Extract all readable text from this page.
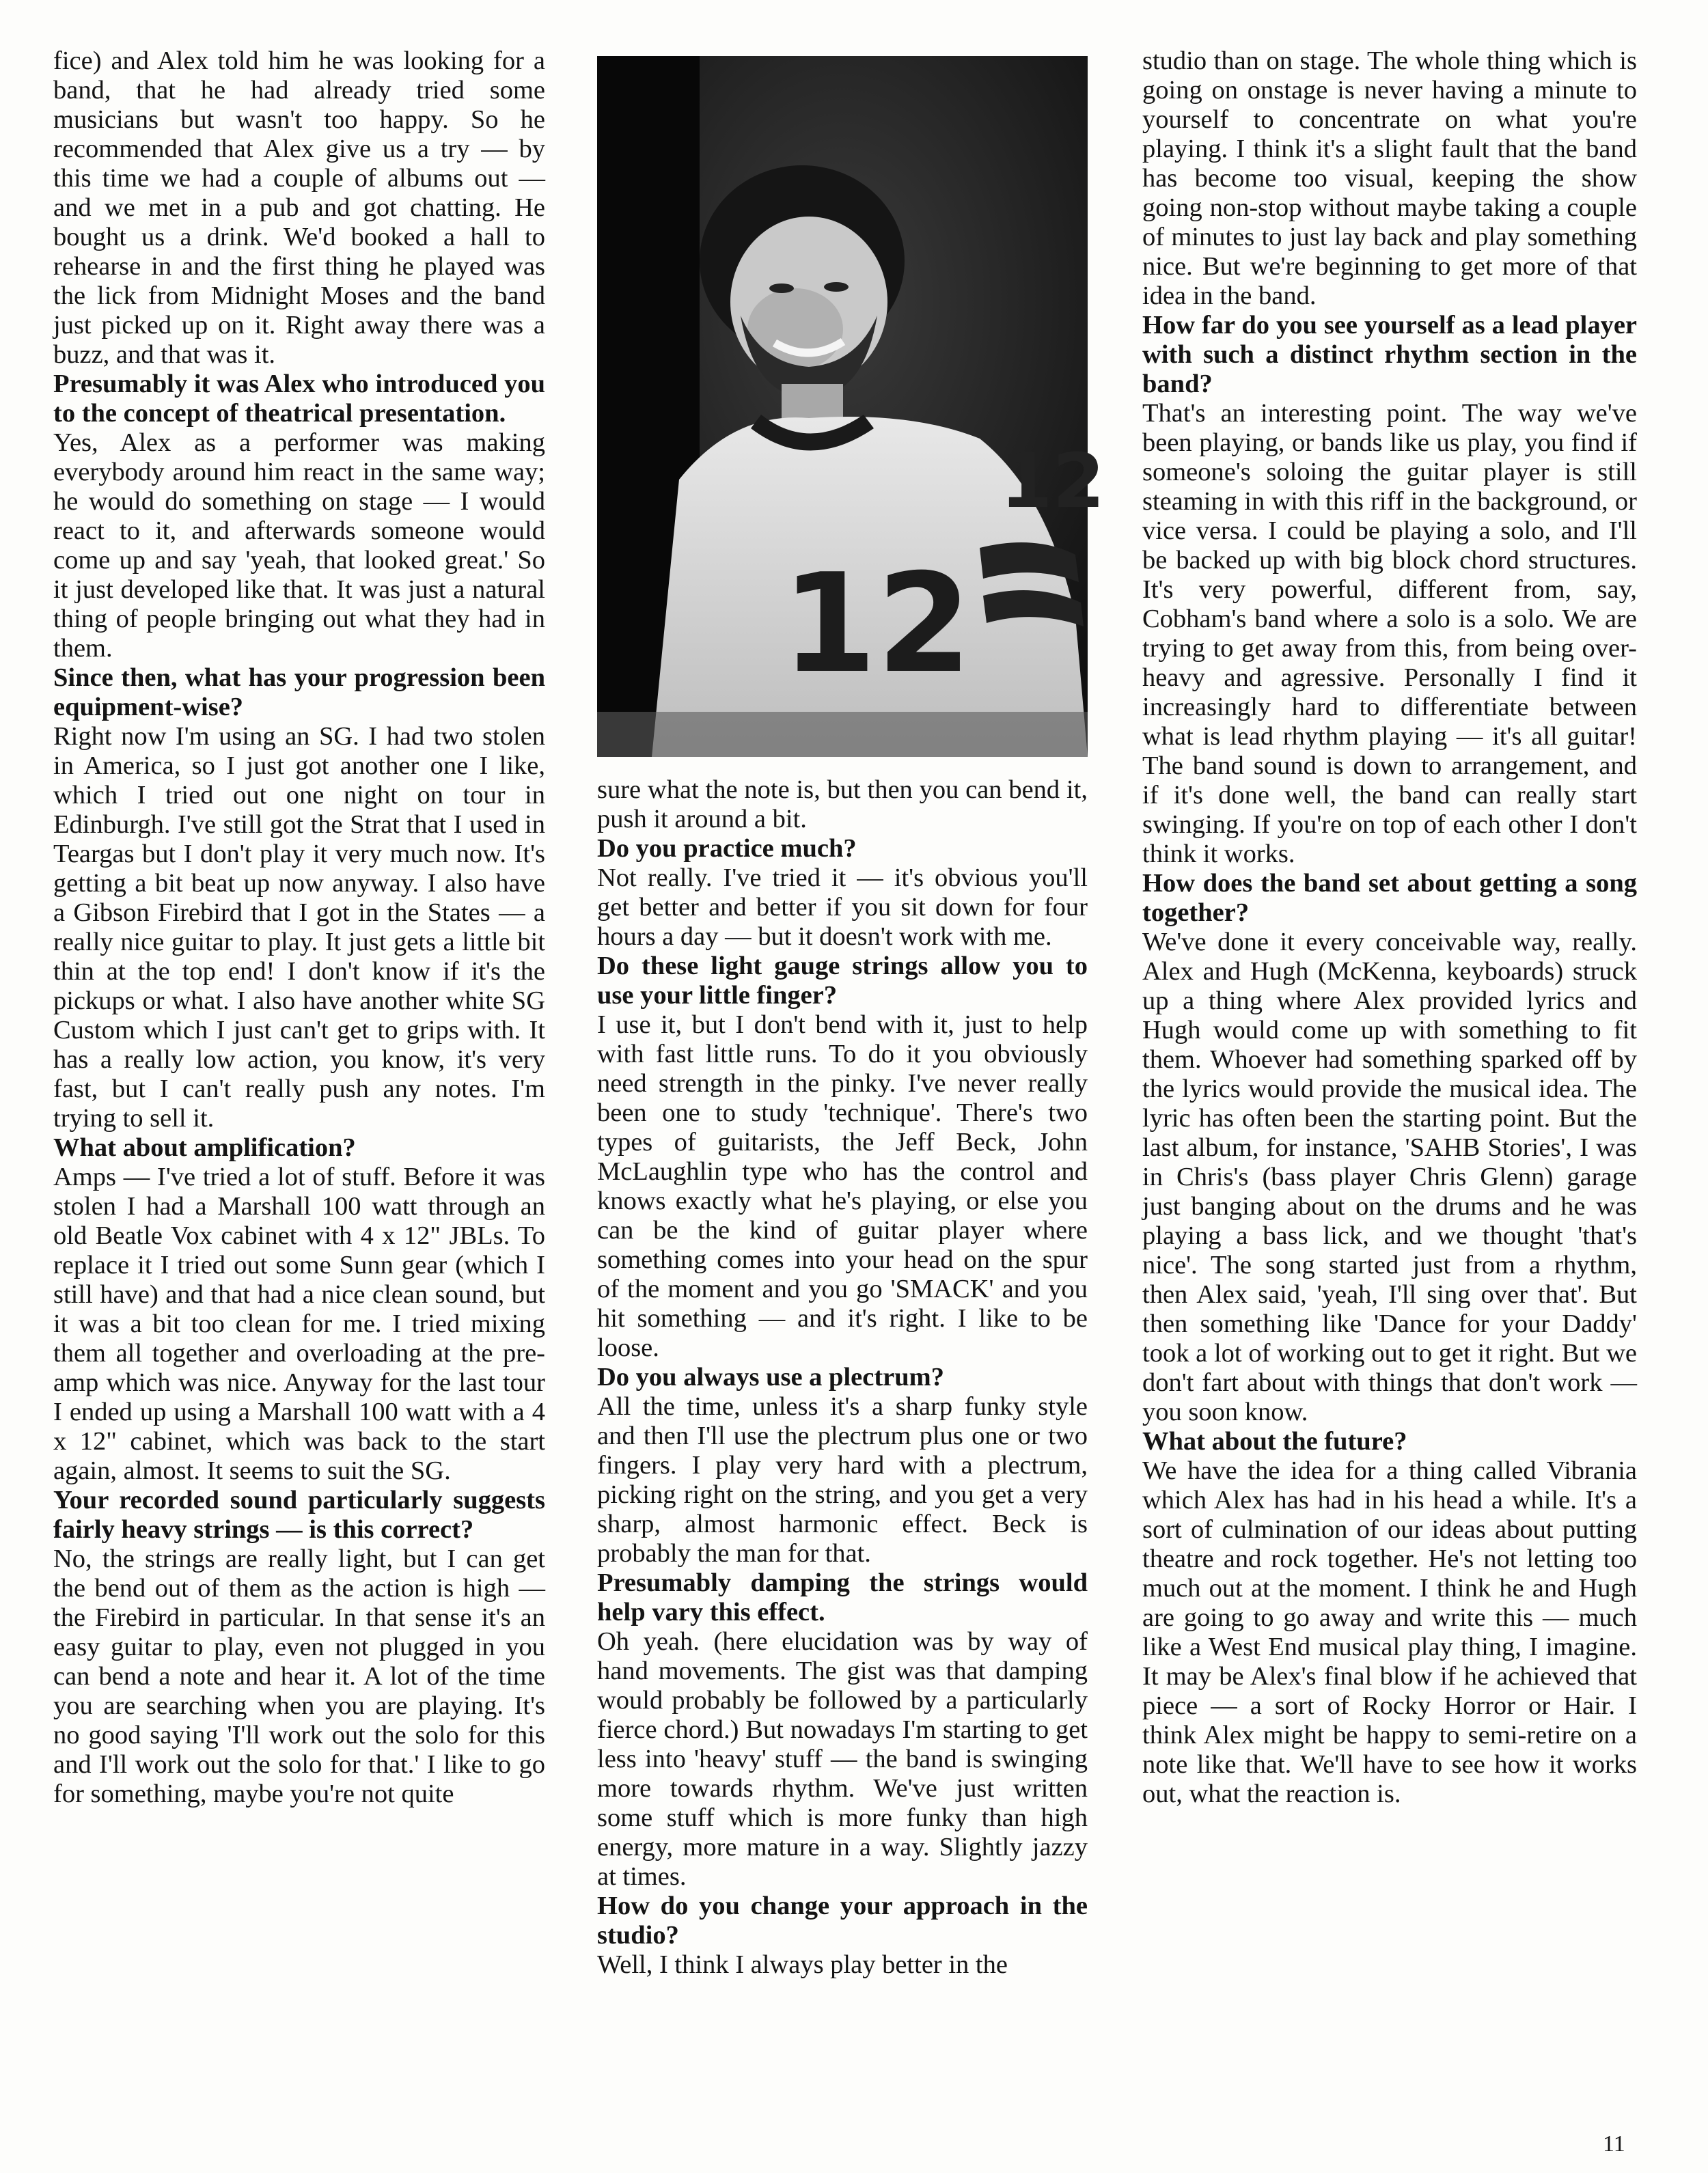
fice) and Alex told him he was looking for a band, that he had already tried some musicians but wasn't too happy. So he recommended that Alex give us a try — by this time we had a couple of albums out — and we met in a pub and got chatting. He bought us a drink. We'd booked a hall to rehearse in and the first thing he played was the lick from Midnight Moses and the band just picked up on it. Right away there was a buzz, and that was it.

Presumably it was Alex who introduced you to the concept of theatrical presentation.

Yes, Alex as a performer was making everybody around him react in the same way; he would do something on stage — I would react to it, and afterwards someone would come up and say 'yeah, that looked great.' So it just developed like that. It was just a natural thing of people bringing out what they had in them.

Since then, what has your progression been equipment-wise?

Right now I'm using an SG. I had two stolen in America, so I just got another one I like, which I tried out one night on tour in Edinburgh. I've still got the Strat that I used in Teargas but I don't play it very much now. It's getting a bit beat up now anyway. I also have a Gibson Firebird that I got in the States — a really nice guitar to play. It just gets a little bit thin at the top end! I don't know if it's the pickups or what. I also have another white SG Custom which I just can't get to grips with. It has a really low action, you know, it's very fast, but I can't really push any notes. I'm trying to sell it.

What about amplification?

Amps — I've tried a lot of stuff. Before it was stolen I had a Marshall 100 watt through an old Beatle Vox cabinet with 4 x 12" JBLs. To replace it I tried out some Sunn gear (which I still have) and that had a nice clean sound, but it was a bit too clean for me. I tried mixing them all together and overloading at the pre-amp which was nice. Anyway for the last tour I ended up using a Marshall 100 watt with a 4 x 12" cabinet, which was back to the start again, almost. It seems to suit the SG.

Your recorded sound particularly suggests fairly heavy strings — is this correct?

No, the strings are really light, but I can get the bend out of them as the action is high — the Firebird in particular. In that sense it's an easy guitar to play, even not plugged in you can bend a note and hear it. A lot of the time you are searching when you are playing. It's no good saying 'I'll work out the solo for this and I'll work out the solo for that.' I like to go for something, maybe you're not quite

12
12

sure what the note is, but then you can bend it, push it around a bit.

Do you practice much?

Not really. I've tried it — it's obvious you'll get better and better if you sit down for four hours a day — but it doesn't work with me.

Do these light gauge strings allow you to use your little finger?

I use it, but I don't bend with it, just to help with fast little runs. To do it you obviously need strength in the pinky. I've never really been one to study 'technique'. There's two types of guitarists, the Jeff Beck, John McLaughlin type who has the control and knows exactly what he's playing, or else you can be the kind of guitar player where something comes into your head on the spur of the moment and you go 'SMACK' and you hit something — and it's right. I like to be loose.

Do you always use a plectrum?

All the time, unless it's a sharp funky style and then I'll use the plectrum plus one or two fingers. I play very hard with a plectrum, picking right on the string, and you get a very sharp, almost harmonic effect. Beck is probably the man for that.

Presumably damping the strings would help vary this effect.

Oh yeah. (here elucidation was by way of hand movements. The gist was that damping would probably be followed by a particularly fierce chord.) But nowadays I'm starting to get less into 'heavy' stuff — the band is swinging more towards rhythm. We've just written some stuff which is more funky than high energy, more mature in a way. Slightly jazzy at times.

How do you change your approach in the studio?

Well, I think I always play better in the

studio than on stage. The whole thing which is going on onstage is never having a minute to yourself to concentrate on what you're playing. I think it's a slight fault that the band has become too visual, keeping the show going non-stop without maybe taking a couple of minutes to just lay back and play something nice. But we're beginning to get more of that idea in the band.

How far do you see yourself as a lead player with such a distinct rhythm section in the band?

That's an interesting point. The way we've been playing, or bands like us play, you find if someone's soloing the guitar player is still steaming in with this riff in the background, or vice versa. I could be playing a solo, and I'll be backed up with big block chord structures. It's very powerful, different from, say, Cobham's band where a solo is a solo. We are trying to get away from this, from being over-heavy and agressive. Personally I find it increasingly hard to differentiate between what is lead rhythm playing — it's all guitar! The band sound is down to arrangement, and if it's done well, the band can really start swinging. If you're on top of each other I don't think it works.

How does the band set about getting a song together?

We've done it every conceivable way, really. Alex and Hugh (McKenna, keyboards) struck up a thing where Alex provided lyrics and Hugh would come up with something to fit them. Whoever had something sparked off by the lyrics would provide the musical idea. The lyric has often been the starting point. But the last album, for instance, 'SAHB Stories', I was in Chris's (bass player Chris Glenn) garage just banging about on the drums and he was playing a bass lick, and we thought 'that's nice'. The song started just from a rhythm, then Alex said, 'yeah, I'll sing over that'. But then something like 'Dance for your Daddy' took a lot of working out to get it right. But we don't fart about with things that don't work — you soon know.

What about the future?

We have the idea for a thing called Vibrania which Alex has had in his head a while. It's a sort of culmination of our ideas about putting theatre and rock together. He's not letting too much out at the moment. I think he and Hugh are going to go away and write this — much like a West End musical play thing, I imagine. It may be Alex's final blow if he achieved that piece — a sort of Rocky Horror or Hair. I think Alex might be happy to semi-retire on a note like that. We'll have to see how it works out, what the reaction is.

11
